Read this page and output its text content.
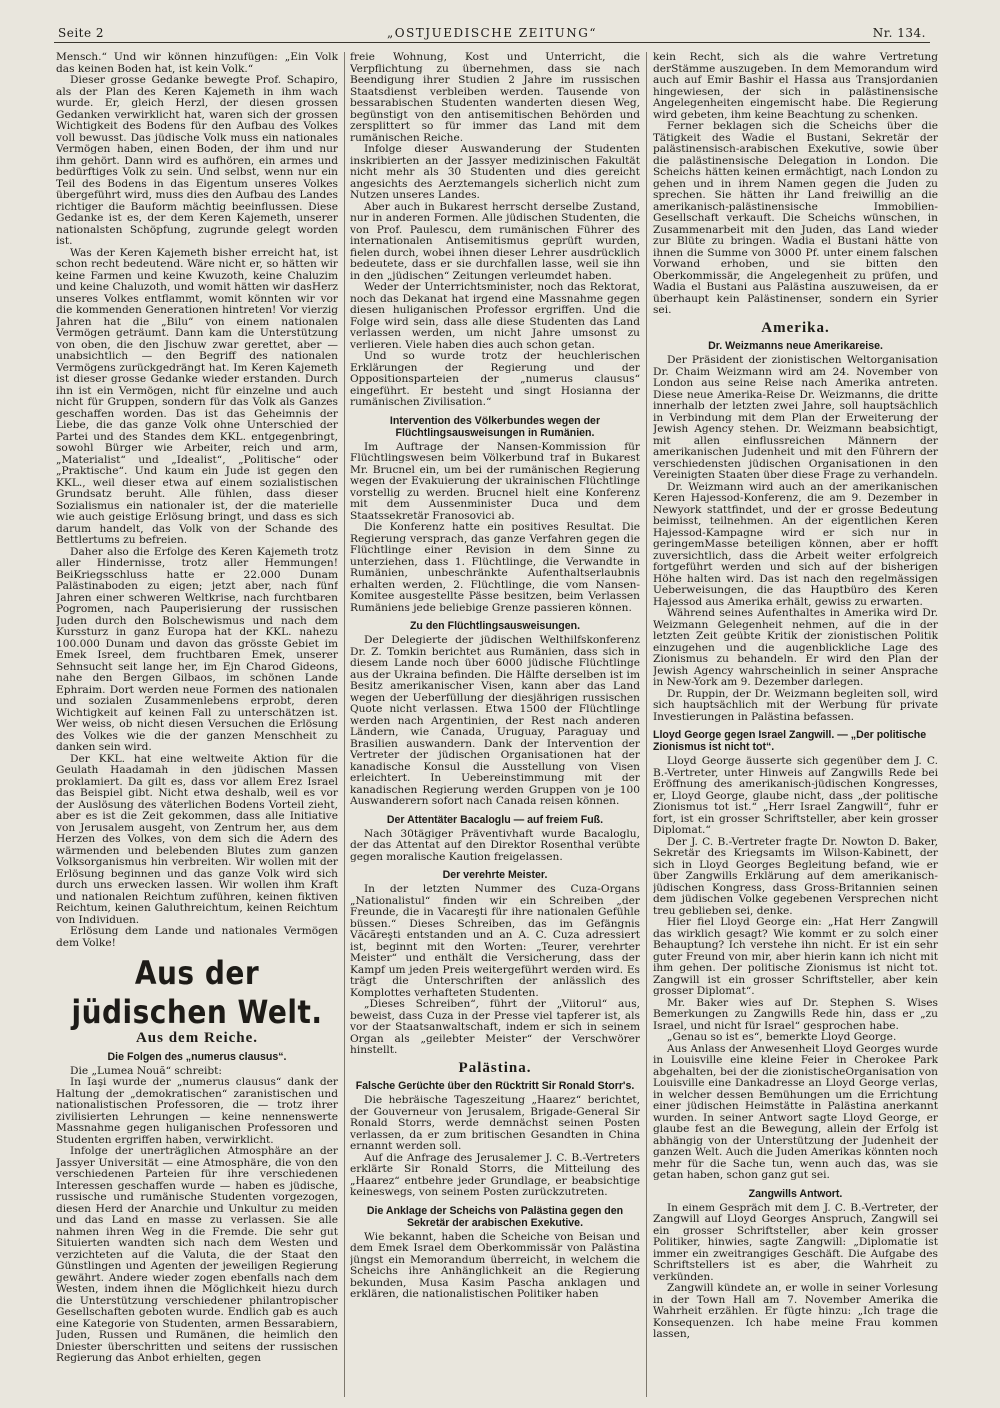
Seite 2	„OSTJUEDISCHE ZEITUNG“	Nr. 134.

Mensch.“ Und wir können hinzufügen: „Ein Volk das keinen Boden hat, ist kein Volk.“

Dieser grosse Gedanke bewegte Prof. Schapiro, als der Plan des Keren Kajemeth in ihm wach wurde. Er, gleich Herzl, der diesen grossen Gedanken verwirklicht hat, waren sich der grossen Wichtigkeit des Bodens für den Aufbau des Volkes voll bewusst. Das jüdische Volk muss ein nationales Vermögen haben, einen Boden, der ihm und nur ihm gehört. Dann wird es aufhören, ein armes und bedürftiges Volk zu sein. Und selbst, wenn nur ein Teil des Bodens in das Eigentum unseres Volkes übergeführt wird, muss dies den Aufbau des Landes richtiger die Bauform mächtig beeinflussen. Diese Gedanke ist es, der dem Keren Kajemeth, unserer nationalsten Schöpfung, zugrunde gelegt worden ist.

Was der Keren Kajemeth bisher erreicht hat, ist schon recht bedeutend. Wäre nicht er, so hätten wir keine Farmen und keine Kwuzoth, keine Chaluzim und keine Chaluzoth, und womit hätten wir dasHerz unseres Volkes entflammt, womit könnten wir vor die kommenden Generationen hintreten! Vor vierzig Jahren hat die „Bilu“ von einem nationalen Vermögen geträumt. Dann kam die Unterstützung von oben, die den Jischuw zwar gerettet, aber — unabsichtlich — den Begriff des nationalen Vermögens zurückgedrängt hat. Im Keren Kajemeth ist dieser grosse Gedanke wieder erstanden. Durch ihn ist ein Vermögen, nicht für einzelne und auch nicht für Gruppen, sondern für das Volk als Ganzes geschaffen worden. Das ist das Geheimnis der Liebe, die das ganze Volk ohne Unterschied der Partei und des Standes dem KKL. entgegenbringt, sowohl Bürger wie Arbeiter, reich und arm, „Materialist“ und „Idealist“, „Politische“ oder „Praktische“. Und kaum ein Jude ist gegen den KKL., weil dieser etwa auf einem sozialistischen Grundsatz beruht. Alle fühlen, dass dieser Sozialismus ein nationaler ist, der die materielle wie auch geistige Erlösung bringt, und dass es sich darum handelt, das Volk von der Schande des Bettlertums zu befreien.

Daher also die Erfolge des Keren Kajemeth trotz aller Hindernisse, trotz aller Hemmungen! BeiKriegsschluss hatte er 22.000 Dunam Palästinaboden zu eigen; jetzt aber, nach fünf Jahren einer schweren Weltkrise, nach furchtbaren Pogromen, nach Pauperisierung der russischen Juden durch den Bolschewismus und nach dem Kurssturz in ganz Europa hat der KKL. nahezu 100.000 Dunam und davon das grösste Gebiet im Emek Isreel, dem fruchtbaren Emek, unserer Sehnsucht seit lange her, im Ejn Charod Gideons, nahe den Bergen Gilbaos, im schönen Lande Ephraim. Dort werden neue Formen des nationalen und sozialen Zusammenlebens erprobt, deren Wichtigkeit auf keinen Fall zu unterschätzen ist. Wer weiss, ob nicht diesen Versuchen die Erlösung des Volkes wie die der ganzen Menschheit zu danken sein wird.

Der KKL. hat eine weltweite Aktion für die Geulath Haadamah in den jüdischen Massen proklamiert. Da gilt es, dass vor allem Erez Israel das Beispiel gibt. Nicht etwa deshalb, weil es vor der Auslösung des väterlichen Bodens Vorteil zieht, aber es ist die Zeit gekommen, dass alle Initiative von Jerusalem ausgeht, von Zentrum her, aus dem Herzen des Volkes, von dem sich die Adern des wärmenden und belebenden Blutes zum ganzen Volksorganismus hin verbreiten. Wir wollen mit der Erlösung beginnen und das ganze Volk wird sich durch uns erwecken lassen. Wir wollen ihm Kraft und nationalen Reichtum zuführen, keinen fiktiven Reichtum, keinen Galuthreichtum, keinen Reichtum von Individuen.

Erlösung dem Lande und nationales Vermögen dem Volke!

Aus der jüdischen Welt.
Aus dem Reiche.
Die Folgen des „numerus clausus“.

Die „Lumea Nouă“ schreibt:

In Iaşi wurde der „numerus clausus“ dank der Haltung der „demokratischen“ zaranistischen und nationalistischen Professoren, die — trotz ihrer zivilisierten Lehrungen — keine nennenswerte Massnahme gegen huliganischen Professoren und Studenten ergriffen haben, verwirklicht.

Infolge der unerträglichen Atmosphäre an der Jassyer Universität — eine Atmosphäre, die von den verschiedenen Parteien für ihre verschiedenen Interessen geschaffen wurde — haben es jüdische, russische und rumänische Studenten vorgezogen, diesen Herd der Anarchie und Unkultur zu meiden und das Land en masse zu verlassen. Sie alle nahmen ihren Weg in die Fremde. Die sehr gut Situierten wandten sich nach dem Westen und verzichteten auf die Valuta, die der Staat den Günstlingen und Agenten der jeweiligen Regierung gewährt. Andere wieder zogen ebenfalls nach dem Westen, indem ihnen die Möglichkeit hiezu durch die Unterstützung verschiedener philantropischer Gesellschaften geboten wurde. Endlich gab es auch eine Kategorie von Studenten, armen Bessarabiern, Juden, Russen und Rumänen, die heimlich den Dniester überschritten und seitens der russischen Regierung das Anbot erhielten, gegen

freie Wohnung, Kost und Unterricht, die Verpflichtung zu übernehmen, dass sie nach Beendigung ihrer Studien 2 Jahre im russischen Staatsdienst verbleiben werden. Tausende von bessarabischen Studenten wanderten diesen Weg, begünstigt von den antisemitischen Behörden und zersplittert so für immer das Land mit dem rumänischen Reiche.

Infolge dieser Auswanderung der Studenten inskribierten an der Jassyer medizinischen Fakultät nicht mehr als 30 Studenten und dies gereicht angesichts des Aerztemangels sicherlich nicht zum Nutzen unseres Landes.

Aber auch in Bukarest herrscht derselbe Zustand, nur in anderen Formen. Alle jüdischen Studenten, die von Prof. Paulescu, dem rumänischen Führer des internationalen Antisemitismus geprüft wurden, fielen durch, wobei ihnen dieser Lehrer ausdrücklich bedeutete, dass er sie durchfallen lasse, weil sie ihn in den „jüdischen“ Zeitungen verleumdet haben.

Weder der Unterrichtsminister, noch das Rektorat, noch das Dekanat hat irgend eine Massnahme gegen diesen huliganischen Professor ergriffen. Und die Folge wird sein, dass alle diese Studenten das Land verlassen werden, um nicht Jahre umsonst zu verlieren. Viele haben dies auch schon getan.

Und so wurde trotz der heuchlerischen Erklärungen der Regierung und der Oppositionsparteien der „numerus clausus“ eingeführt. Er besteht und singt Hosianna der rumänischen Zivilisation.“

Intervention des Völkerbundes wegen der Flüchtlingsausweisungen in Rumänien.

Im Auftrage der Nansen-Kommission für Flüchtlingswesen beim Völkerbund traf in Bukarest Mr. Brucnel ein, um bei der rumänischen Regierung wegen der Evakuierung der ukrainischen Flüchtlinge vorstellig zu werden. Brucnel hielt eine Konferenz mit dem Aussenminister Duca und dem Staatssekretär Franosovici ab.

Die Konferenz hatte ein positives Resultat. Die Regierung versprach, das ganze Verfahren gegen die Flüchtlinge einer Revision in dem Sinne zu unterziehen, dass 1. Flüchtlinge, die Verwandte in Rumänien, unbeschränkte Aufenthaltserlaubnis erhalten werden, 2. Flüchtlinge, die vom Nansen-Komitee ausgestellte Pässe besitzen, beim Verlassen Rumäniens jede beliebige Grenze passieren können.

Zu den Flüchtlingsausweisungen.

Der Delegierte der jüdischen Welthilfskonferenz Dr. Z. Tomkin berichtet aus Rumänien, dass sich in diesem Lande noch über 6000 jüdische Flüchtlinge aus der Ukraina befinden. Die Hälfte derselben ist im Besitz amerikanischer Visen, kann aber das Land wegen der Ueberfüllung der diesjährigen russischen Quote nicht verlassen. Etwa 1500 der Flüchtlinge werden nach Argentinien, der Rest nach anderen Ländern, wie Canada, Uruguay, Paraguay und Brasilien auswandern. Dank der Intervention der Vertreter der jüdischen Organisationen hat der kanadische Konsul die Ausstellung von Visen erleichtert. In Uebereinstimmung mit der kanadischen Regierung werden Gruppen von je 100 Auswanderern sofort nach Canada reisen können.

Der Attentäter Bacaloglu — auf freiem Fuß.

Nach 30tägiger Präventivhaft wurde Bacaloglu, der das Attentat auf den Direktor Rosenthal verübte gegen moralische Kaution freigelassen.

Der verehrte Meister.

In der letzten Nummer des Cuza-Organs „Nationalistul“ finden wir ein Schreiben „der Freunde, die in Vacareşti für ihre nationalen Gefühle büssen.“ Dieses Schreiben, das im Gefängnis Văcăreşti entstanden und an A. C. Cuza adressiert ist, beginnt mit den Worten: „Teurer, verehrter Meister“ und enthält die Versicherung, dass der Kampf um jeden Preis weitergeführt werden wird. Es trägt die Unterschriften der anlässlich des Komplottes verhafteten Studenten.

„Dieses Schreiben“, führt der „Viitorul“ aus, beweist, dass Cuza in der Presse viel tapferer ist, als vor der Staatsanwaltschaft, indem er sich in seinem Organ als „geilebter Meister“ der Verschwörer hinstellt.

Palästina.
Falsche Gerüchte über den Rücktritt Sir Ronald Storr's.

Die hebräische Tageszeitung „Haarez“ berichtet, der Gouverneur von Jerusalem, Brigade-General Sir Ronald Storrs, werde demnächst seinen Posten verlassen, da er zum britischen Gesandten in China ernannt werden soll.

Auf die Anfrage des Jerusalemer J. C. B.-Vertreters erklärte Sir Ronald Storrs, die Mitteilung des „Haarez“ entbehre jeder Grundlage, er beabsichtige keineswegs, von seinem Posten zurückzutreten.

Die Anklage der Scheichs von Palästina gegen den Sekretär der arabischen Exekutive.

Wie bekannt, haben die Scheiche von Beisan und dem Emek Israel dem Oberkommissär von Palästina jüngst ein Memorandum überreicht, in welchem die Scheichs ihre Anhänglichkeit an die Regierung bekunden, Musa Kasim Pascha anklagen und erklären, die nationalistischen Politiker haben

kein Recht, sich als die wahre Vertretung derStämme auszugeben. In dem Memorandum wird auch auf Emir Bashir el Hassa aus Transjordanien hingewiesen, der sich in palästinensische Angelegenheiten eingemischt habe. Die Regierung wird gebeten, ihm keine Beachtung zu schenken.

Ferner beklagen sich die Scheichs über die Tätigkeit des Wadie el Bustani, Sekretär der palästinensisch-arabischen Exekutive, sowie über die palästinensische Delegation in London. Die Scheichs hätten keinen ermächtigt, nach London zu gehen und in ihrem Namen gegen die Juden zu sprechen. Sie hätten ihr Land freiwillig an die amerikanisch-palästinensische Immobilien-Gesellschaft verkauft. Die Scheichs wünschen, in Zusammenarbeit mit den Juden, das Land wieder zur Blüte zu bringen. Wadia el Bustani hätte von ihnen die Summe von 3000 Pf. unter einem falschen Vorwand erhoben, und sie bitten den Oberkommissär, die Angelegenheit zu prüfen, und Wadia el Bustani aus Palästina auszuweisen, da er überhaupt kein Palästinenser, sondern ein Syrier sei.

Amerika.
Dr. Weizmanns neue Amerikareise.

Der Präsident der zionistischen Weltorganisation Dr. Chaim Weizmann wird am 24. November von London aus seine Reise nach Amerika antreten. Diese neue Amerika-Reise Dr. Weizmanns, die dritte innerhalb der letzten zwei Jahre, soll hauptsächlich in Verbindung mit dem Plan der Erweiterung der Jewish Agency stehen. Dr. Weizmann beabsichtigt, mit allen einflussreichen Männern der amerikanischen Judenheit und mit den Führern der verschiedensten jüdischen Organisationen in den Vereinigten Staaten über diese Frage zu verhandeln.

Dr. Weizmann wird auch an der amerikanischen Keren Hajessod-Konferenz, die am 9. Dezember in Newyork stattfindet, und der er grosse Bedeutung beimisst, teilnehmen. An der eigentlichen Keren Hajessod-Kampagne wird er sich nur in geringemMasse beteiligen können, aber er hofft zuversichtlich, dass die Arbeit weiter erfolgreich fortgeführt werden und sich auf der bisherigen Höhe halten wird. Das ist nach den regelmässigen Ueberweisungen, die das Hauptbüro des Keren Hajessod aus Amerika erhält, gewiss zu erwarten.

Während seines Aufenthaltes in Amerika wird Dr. Weizmann Gelegenheit nehmen, auf die in der letzten Zeit geübte Kritik der zionistischen Politik einzugehen und die augenblickliche Lage des Zionismus zu behandeln. Er wird den Plan der Jewish Agency wahrscheinlich in seiner Ansprache in New-York am 9. Dezember darlegen.

Dr. Ruppin, der Dr. Weizmann begleiten soll, wird sich hauptsächlich mit der Werbung für private Investierungen in Palästina befassen.

Lloyd George gegen Israel Zangwill. — „Der politische Zionismus ist nicht tot“.

Lloyd George äusserte sich gegenüber dem J. C. B.-Vertreter, unter Hinweis auf Zangwills Rede bei Eröffnung des amerikanisch-jüdischen Kongresses, er, Lloyd George, glaube nicht, dass „der politische Zionismus tot ist.“ „Herr Israel Zangwill“, fuhr er fort, ist ein grosser Schriftsteller, aber kein grosser Diplomat.“

Der J. C. B.-Vertreter fragte Dr. Nowton D. Baker, Sekretär des Kriegsamts im Wilson-Kabinett, der sich in Lloyd Georges Begleitung befand, wie er über Zangwills Erklärung auf dem amerikanisch-jüdischen Kongress, dass Gross-Britannien seinen dem jüdischen Volke gegebenen Versprechen nicht treu geblieben sei, denke.

Hier fiel Lloyd George ein: „Hat Herr Zangwill das wirklich gesagt? Wie kommt er zu solch einer Behauptung? Ich verstehe ihn nicht. Er ist ein sehr guter Freund von mir, aber hierin kann ich nicht mit ihm gehen. Der politische Zionismus ist nicht tot. Zangwill ist ein grosser Schriftsteller, aber kein grosser Diplomat“.

Mr. Baker wies auf Dr. Stephen S. Wises Bemerkungen zu Zangwills Rede hin, dass er „zu Israel, und nicht für Israel“ gesprochen habe.

„Genau so ist es“, bemerkte Lloyd George.

Aus Anlass der Anwesenheit Lloyd Georges wurde in Louisville eine kleine Feier in Cherokee Park abgehalten, bei der die zionistischeOrganisation von Louisville eine Dankadresse an Lloyd George verlas, in welcher dessen Bemühungen um die Errichtung einer jüdischen Heimstätte in Palästina anerkannt wurden. In seiner Antwort sagte Lloyd George, er glaube fest an die Bewegung, allein der Erfolg ist abhängig von der Unterstützung der Judenheit der ganzen Welt. Auch die Juden Amerikas könnten noch mehr für die Sache tun, wenn auch das, was sie getan haben, schon ganz gut sei.

Zangwills Antwort.

In einem Gespräch mit dem J. C. B.-Vertreter, der Zangwill auf Lloyd Georges Anspruch, Zangwill sei ein grosser Schriftsteller, aber kein grosser Politiker, hinwies, sagte Zangwill: „Diplomatie ist immer ein zweitrangiges Geschäft. Die Aufgabe des Schriftstellers ist es aber, die Wahrheit zu verkünden.

Zangwill kündete an, er wolle in seiner Vorlesung in der Town Hall am 7. November Amerika die Wahrheit erzählen. Er fügte hinzu: „Ich trage die Konsequenzen. Ich habe meine Frau kommen lassen,
